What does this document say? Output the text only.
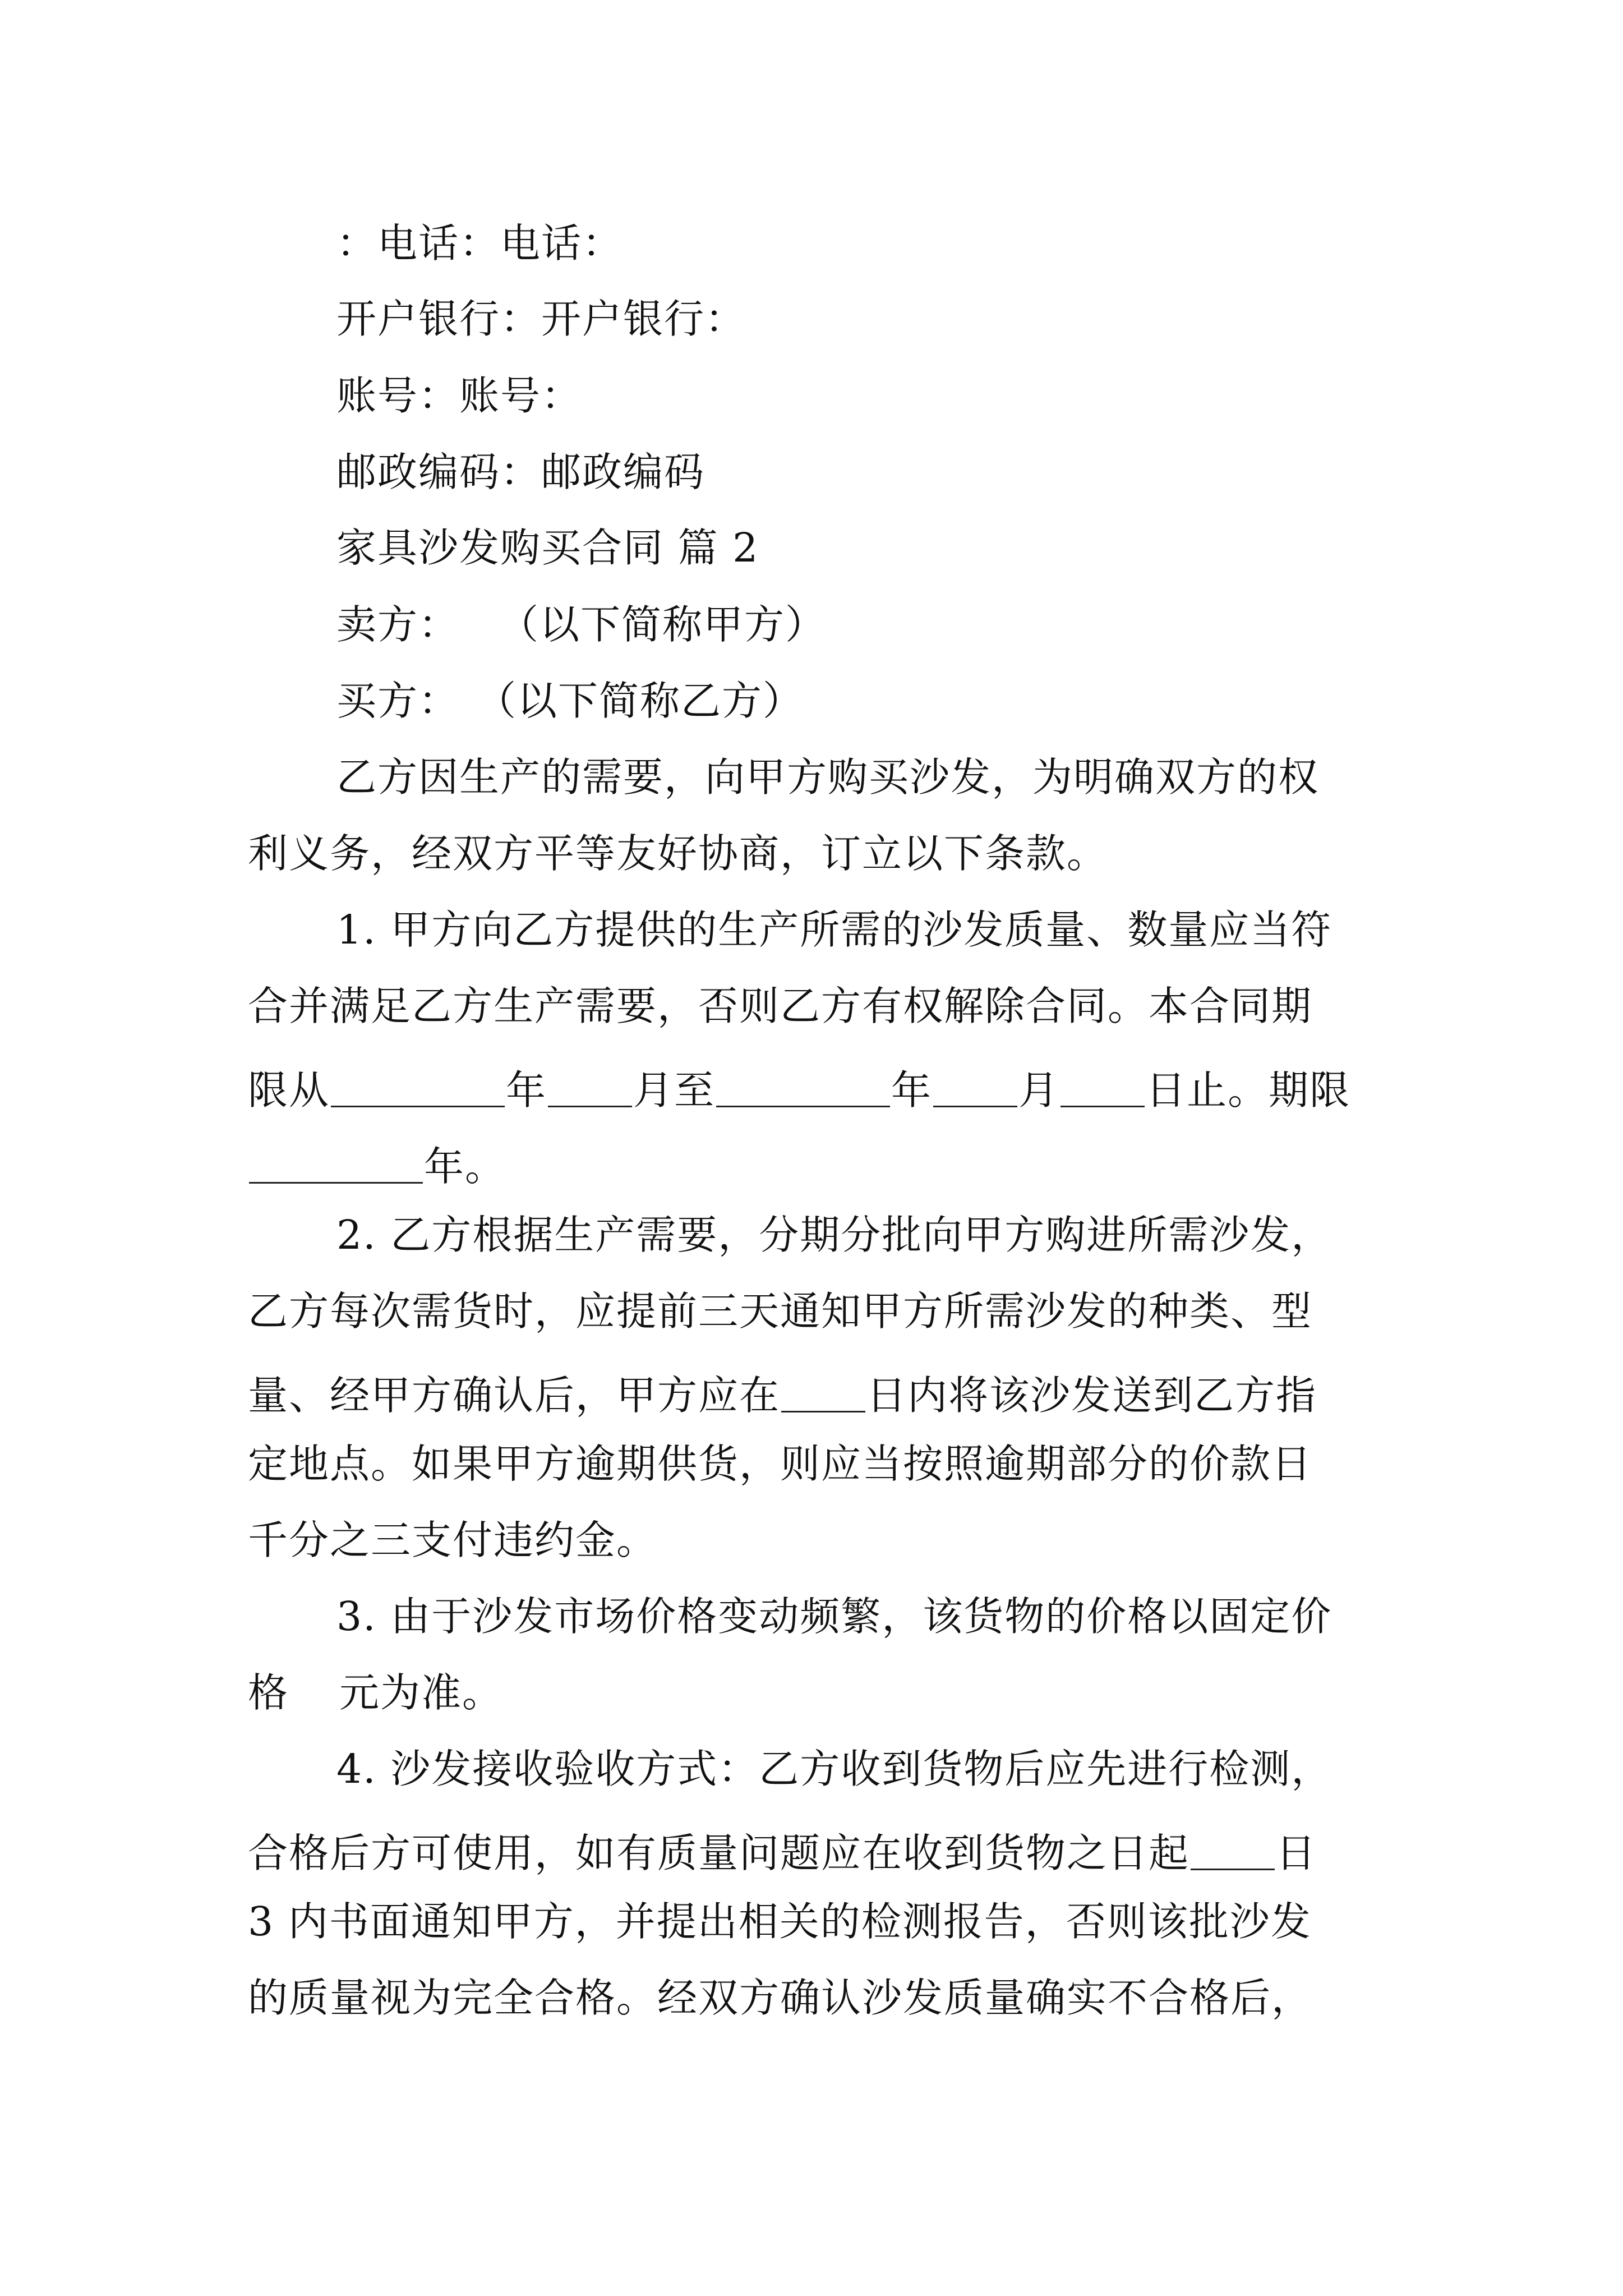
：电话：电话：

开户银行：开户银行：

账号：账号：

邮政编码：邮政编码

家具沙发购买合同 篇 2

卖方： （以下简称甲方）

买方： （以下简称乙方）

乙方因生产的需要，向甲方购买沙发，为明确双方的权

利义务，经双方平等友好协商，订立以下条款。

1. 甲方向乙方提供的生产所需的沙发质量、数量应当符

合并满足乙方生产需要，否则乙方有权解除合同。本合同期

限从	年 月至	年 月 日止。期限

年。

2. 乙方根据生产需要，分期分批向甲方购进所需沙发，

乙方每次需货时，应提前三天通知甲方所需沙发的种类、型

量、经甲方确认后，甲方应在 日内将该沙发送到乙方指

定地点。如果甲方逾期供货，则应当按照逾期部分的价款日

千分之三支付违约金。

3. 由于沙发市场价格变动频繁，该货物的价格以固定价

格 元为准。

4. 沙发接收验收方式：乙方收到货物后应先进行检测，

合格后方可使用，如有质量问题应在收到货物之日起 日

3 内书面通知甲方，并提出相关的检测报告，否则该批沙发

的质量视为完全合格。经双方确认沙发质量确实不合格后，
